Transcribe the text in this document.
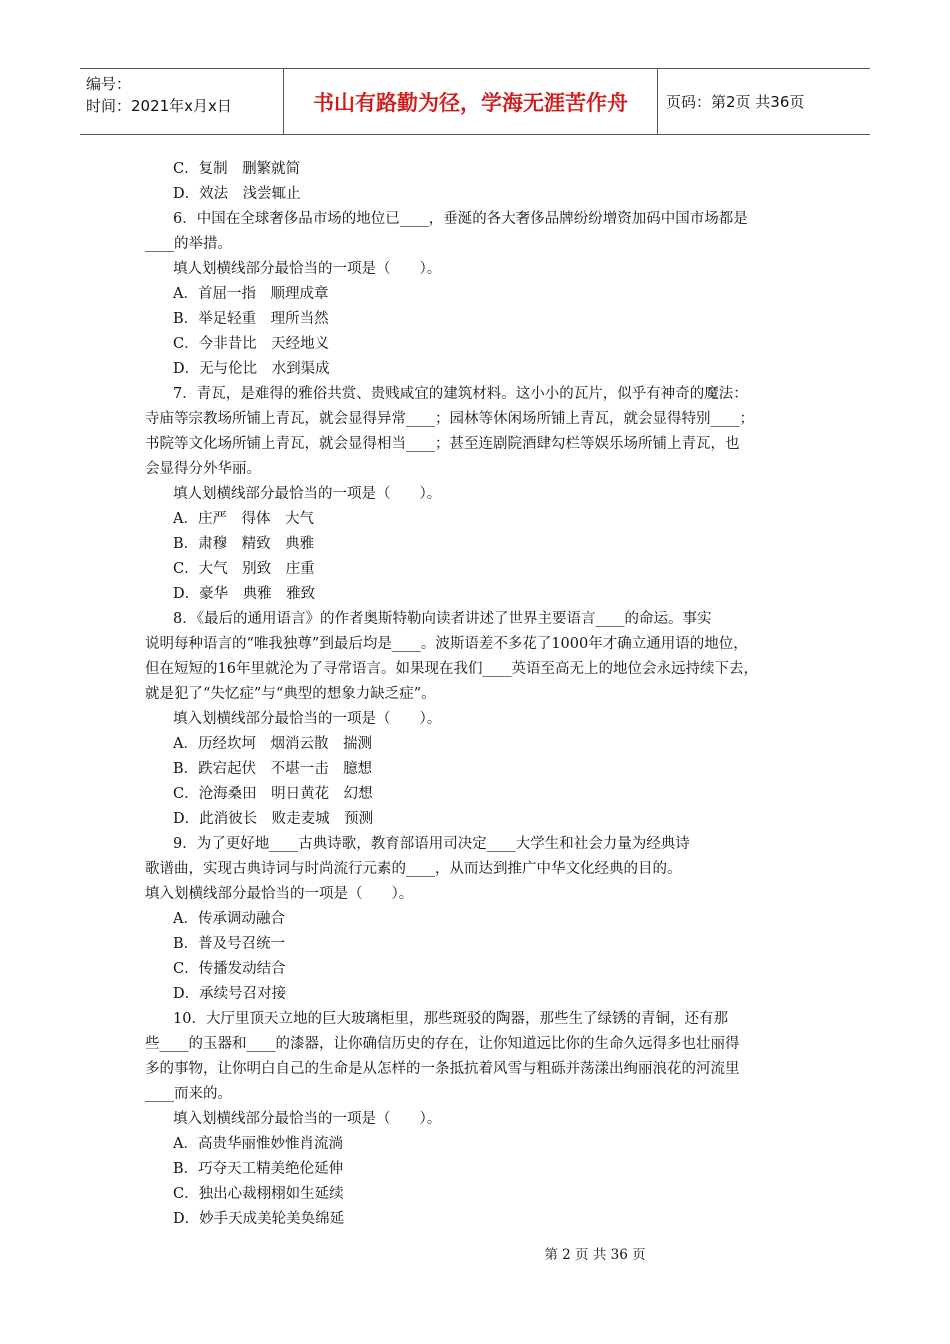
编号：
时间：2021年x月x日	书山有路勤为径，学海无涯苦作舟	页码：第2页 共36页
C．复制　删繁就简
D．效法　浅尝辄止
6．中国在全球奢侈品市场的地位已____，垂涎的各大奢侈品牌纷纷增资加码中国市场都是
____的举措。
填人划横线部分最恰当的一项是（　　）。
A．首屈一指　顺理成章
B．举足轻重　理所当然
C．今非昔比　天经地义
D．无与伦比　水到渠成
7．青瓦，是难得的雅俗共赏、贵贱咸宜的建筑材料。这小小的瓦片，似乎有神奇的魔法：
寺庙等宗教场所铺上青瓦，就会显得异常____；园林等休闲场所铺上青瓦，就会显得特别____；
书院等文化场所铺上青瓦，就会显得相当____；甚至连剧院酒肆勾栏等娱乐场所铺上青瓦，也
会显得分外华丽。
填人划横线部分最恰当的一项是（　　）。
A．庄严　得体　大气
B．肃穆　精致　典雅
C．大气　别致　庄重
D．豪华　典雅　雅致
8．《最后的通用语言》的作者奥斯特勒向读者讲述了世界主要语言____的命运。事实
说明每种语言的“唯我独尊”到最后均是____。波斯语差不多花了1000年才确立通用语的地位，
但在短短的16年里就沦为了寻常语言。如果现在我们____英语至高无上的地位会永远持续下去，
就是犯了“失忆症”与“典型的想象力缺乏症”。
填入划横线部分最恰当的一项是（　　）。
A．历经坎坷　烟消云散　揣测
B．跌宕起伏　不堪一击　臆想
C．沧海桑田　明日黄花　幻想
D．此消彼长　败走麦城　预测
9．为了更好地____古典诗歌，教育部语用司决定____大学生和社会力量为经典诗
歌谱曲，实现古典诗词与时尚流行元素的____，从而达到推广中华文化经典的目的。
填入划横线部分最恰当的一项是（　　）。
A．传承调动融合
B．普及号召统一
C．传播发动结合
D．承续号召对接
10．大厅里顶天立地的巨大玻璃柜里，那些斑驳的陶器，那些生了绿锈的青铜，还有那
些____的玉器和____的漆器，让你确信历史的存在，让你知道远比你的生命久远得多也壮丽得
多的事物，让你明白自己的生命是从怎样的一条抵抗着风雪与粗砾并荡漾出绚丽浪花的河流里
____而来的。
填入划横线部分最恰当的一项是（　　）。
A．高贵华丽惟妙惟肖流淌
B．巧夺天工精美绝伦延伸
C．独出心裁栩栩如生延续
D．妙手天成美轮美奂绵延
第 2 页 共 36 页
